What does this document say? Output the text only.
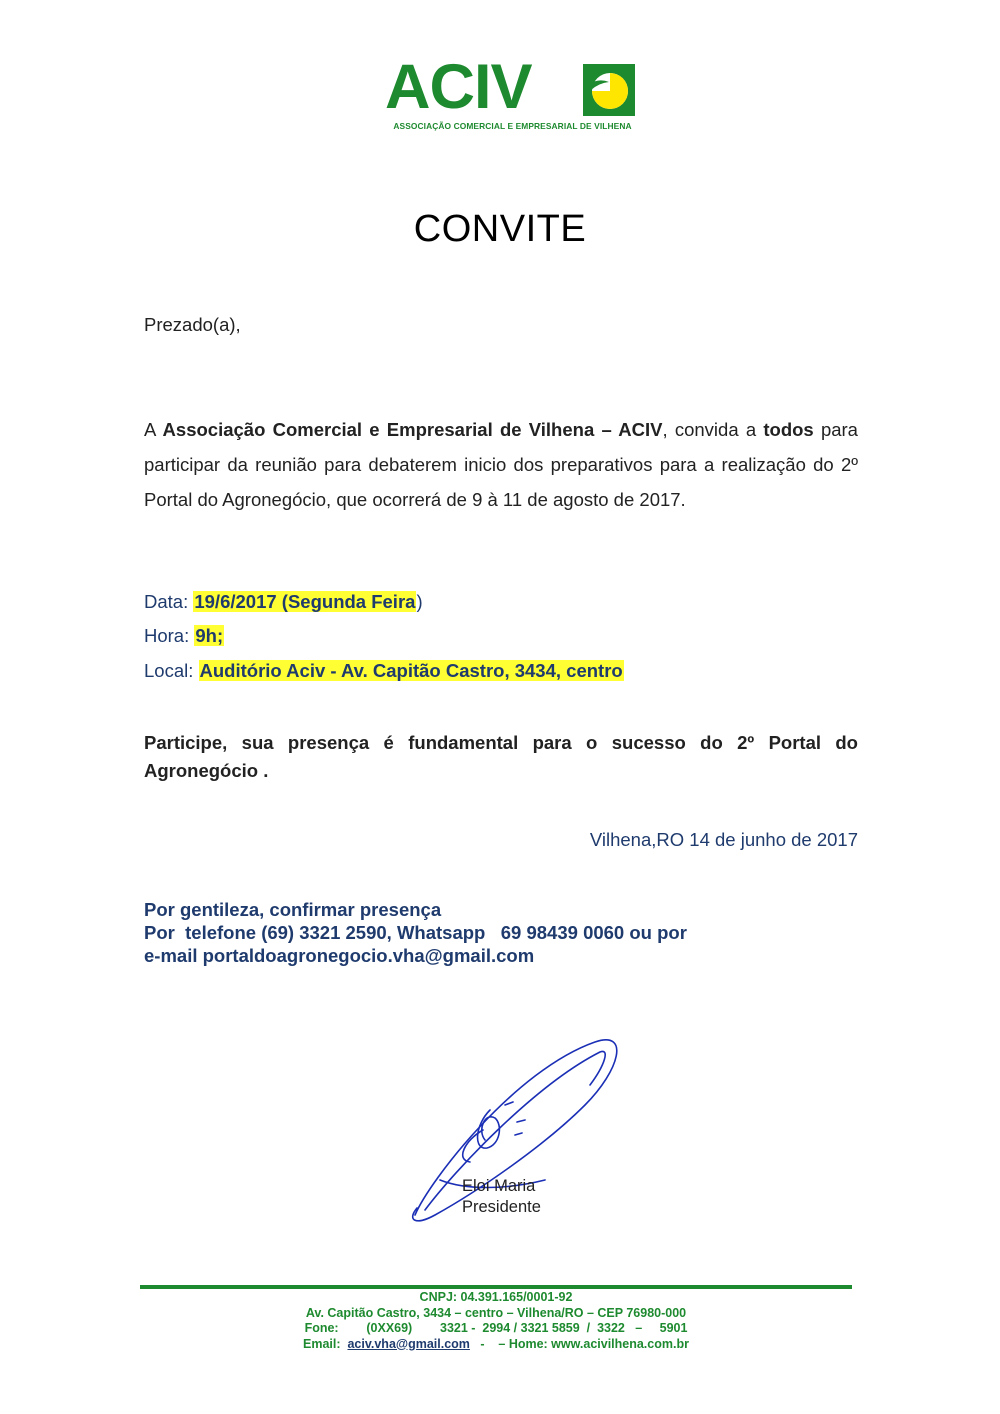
ACIV
ASSOCIAÇÃO COMERCIAL E EMPRESARIAL DE VILHENA
CONVITE
Prezado(a),
A Associação Comercial e Empresarial de Vilhena – ACIV, convida a todos para participar da reunião para debaterem inicio dos preparativos para a realização do 2º Portal do Agronegócio, que ocorrerá de 9 à 11 de agosto de 2017.
Data: 19/6/2017 (Segunda Feira)
Hora: 9h;
Local: Auditório Aciv - Av. Capitão Castro, 3434, centro
Participe, sua presença é fundamental para o sucesso do 2º Portal do Agronegócio .
Vilhena,RO 14 de junho de 2017
Por gentileza, confirmar presença
Por  telefone (69) 3321 2590, Whatsapp   69 98439 0060 ou por
e-mail portaldoagronegocio.vha@gmail.com
Eloi Maria
Presidente
CNPJ: 04.391.165/0001-92
Av. Capitão Castro, 3434 – centro – Vilhena/RO – CEP 76980-000
Fone:        (0XX69)        3321 -  2994 / 3321 5859  /  3322   –     5901
Email:  aciv.vha@gmail.com   -    – Home: www.acivilhena.com.br
